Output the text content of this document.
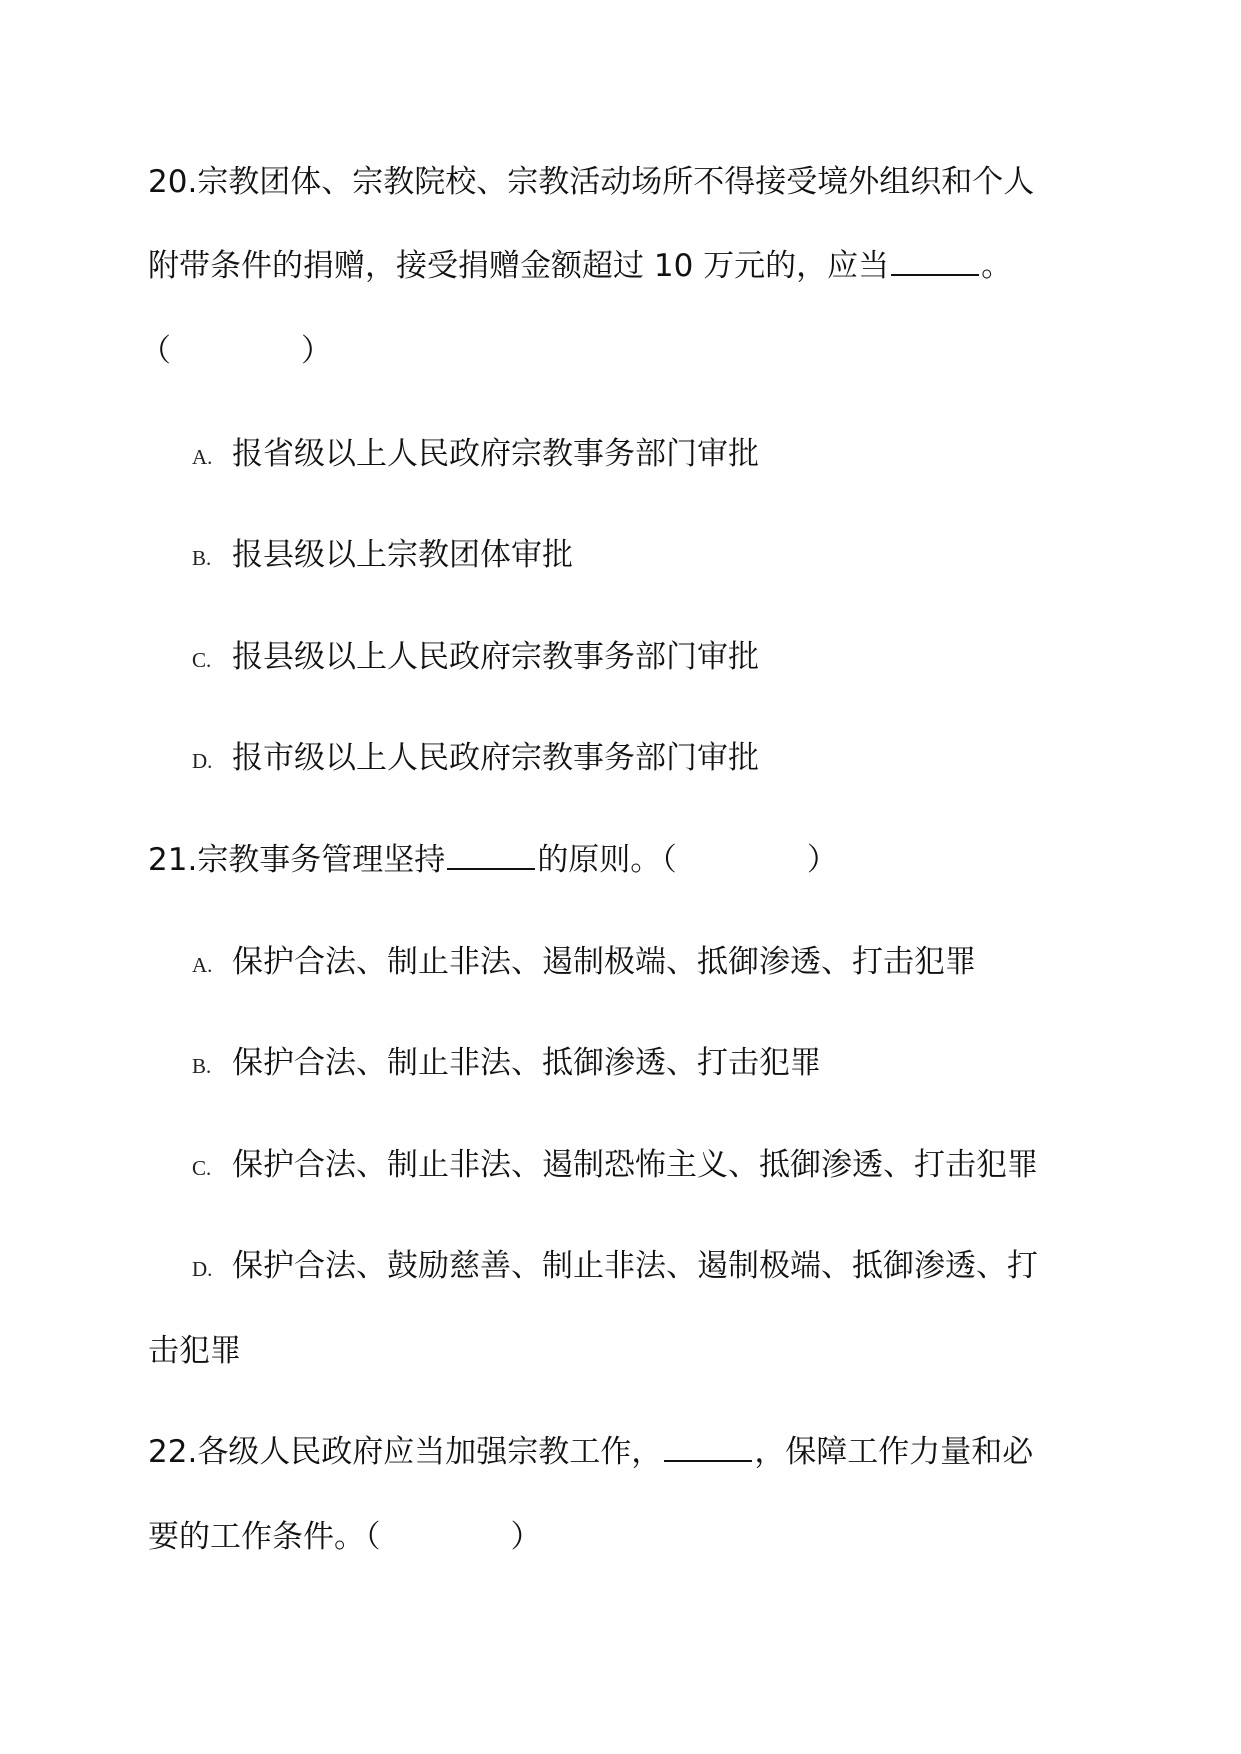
20.宗教团体、宗教院校、宗教活动场所不得接受境外组织和个人
附带条件的捐赠，接受捐赠金额超过 10 万元的，应当	。
（	）
A. 报省级以上人民政府宗教事务部门审批
B. 报县级以上宗教团体审批
C. 报县级以上人民政府宗教事务部门审批
D. 报市级以上人民政府宗教事务部门审批
21.宗教事务管理坚持	的原则。（	）
A. 保护合法、制止非法、遏制极端、抵御渗透、打击犯罪
B. 保护合法、制止非法、抵御渗透、打击犯罪
C. 保护合法、制止非法、遏制恐怖主义、抵御渗透、打击犯罪
D. 保护合法、鼓励慈善、制止非法、遏制极端、抵御渗透、打
击犯罪
22.各级人民政府应当加强宗教工作，	，保障工作力量和必
要的工作条件。（	）
